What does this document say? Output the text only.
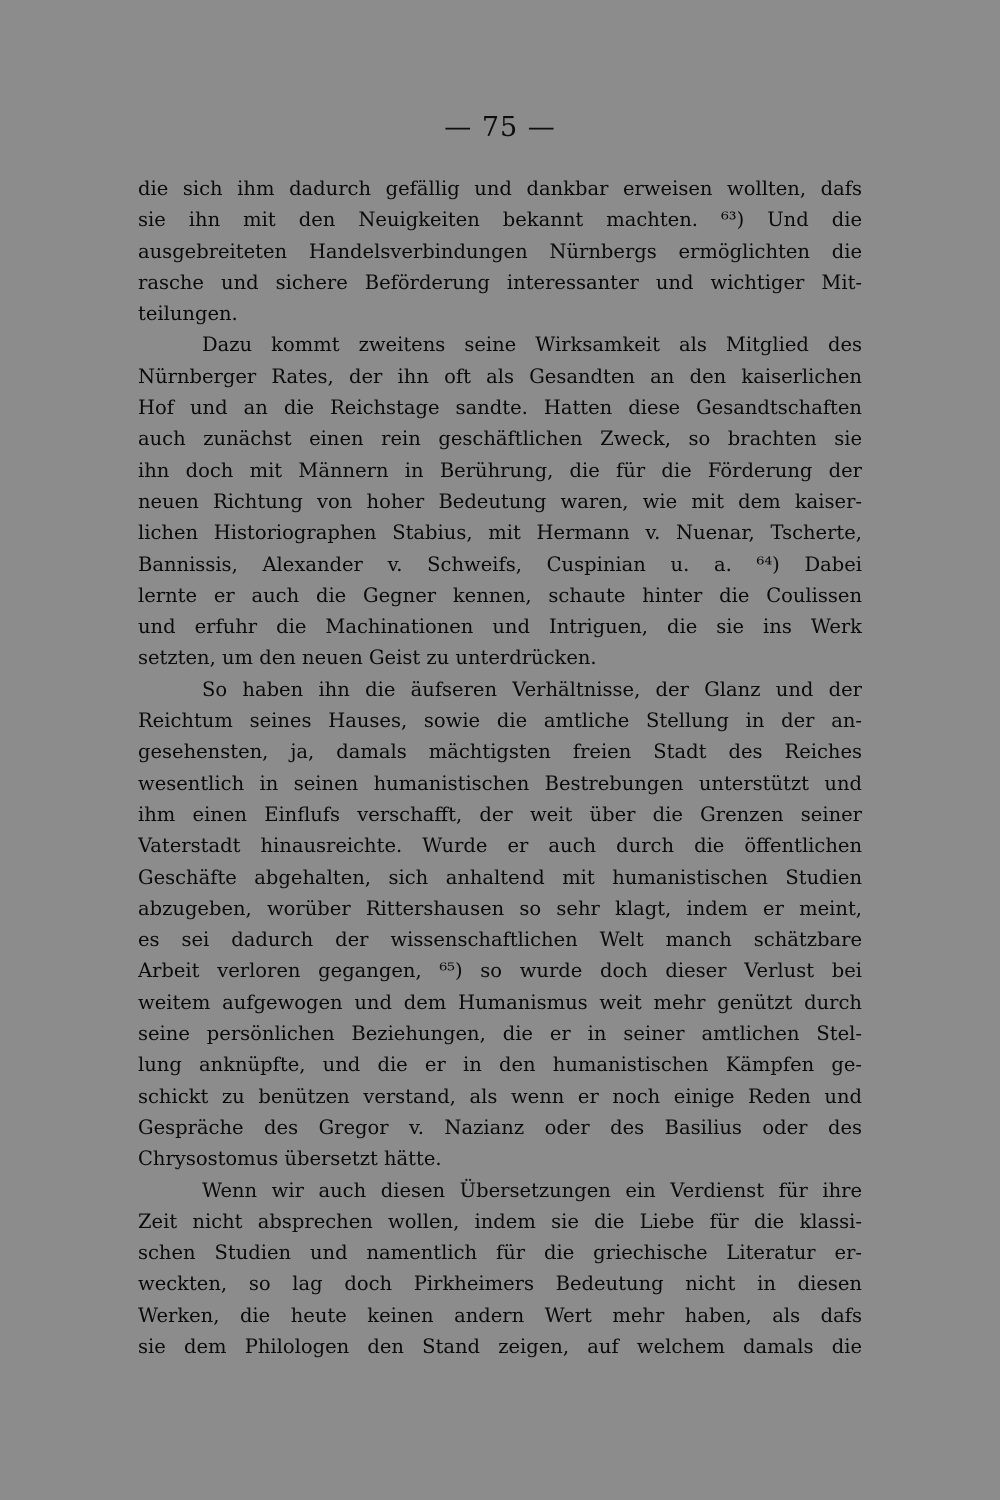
— 75 —
die sich ihm dadurch gefällig und dankbar erweisen wollten, dafs
sie ihn mit den Neuigkeiten bekannt machten. ⁶³) Und die
ausgebreiteten Handelsverbindungen Nürnbergs ermöglichten die
rasche und sichere Beförderung interessanter und wichtiger Mit-
teilungen.
Dazu kommt zweitens seine Wirksamkeit als Mitglied des
Nürnberger Rates, der ihn oft als Gesandten an den kaiserlichen
Hof und an die Reichstage sandte. Hatten diese Gesandtschaften
auch zunächst einen rein geschäftlichen Zweck, so brachten sie
ihn doch mit Männern in Berührung, die für die Förderung der
neuen Richtung von hoher Bedeutung waren, wie mit dem kaiser-
lichen Historiographen Stabius, mit Hermann v. Nuenar, Tscherte,
Bannissis, Alexander v. Schweifs, Cuspinian u. a. ⁶⁴) Dabei
lernte er auch die Gegner kennen, schaute hinter die Coulissen
und erfuhr die Machinationen und Intriguen, die sie ins Werk
setzten, um den neuen Geist zu unterdrücken.
So haben ihn die äufseren Verhältnisse, der Glanz und der
Reichtum seines Hauses, sowie die amtliche Stellung in der an-
gesehensten, ja, damals mächtigsten freien Stadt des Reiches
wesentlich in seinen humanistischen Bestrebungen unterstützt und
ihm einen Einflufs verschafft, der weit über die Grenzen seiner
Vaterstadt hinausreichte. Wurde er auch durch die öffentlichen
Geschäfte abgehalten, sich anhaltend mit humanistischen Studien
abzugeben, worüber Rittershausen so sehr klagt, indem er meint,
es sei dadurch der wissenschaftlichen Welt manch schätzbare
Arbeit verloren gegangen, ⁶⁵) so wurde doch dieser Verlust bei
weitem aufgewogen und dem Humanismus weit mehr genützt durch
seine persönlichen Beziehungen, die er in seiner amtlichen Stel-
lung anknüpfte, und die er in den humanistischen Kämpfen ge-
schickt zu benützen verstand, als wenn er noch einige Reden und
Gespräche des Gregor v. Nazianz oder des Basilius oder des
Chrysostomus übersetzt hätte.
Wenn wir auch diesen Übersetzungen ein Verdienst für ihre
Zeit nicht absprechen wollen, indem sie die Liebe für die klassi-
schen Studien und namentlich für die griechische Literatur er-
weckten, so lag doch Pirkheimers Bedeutung nicht in diesen
Werken, die heute keinen andern Wert mehr haben, als dafs
sie dem Philologen den Stand zeigen, auf welchem damals die
